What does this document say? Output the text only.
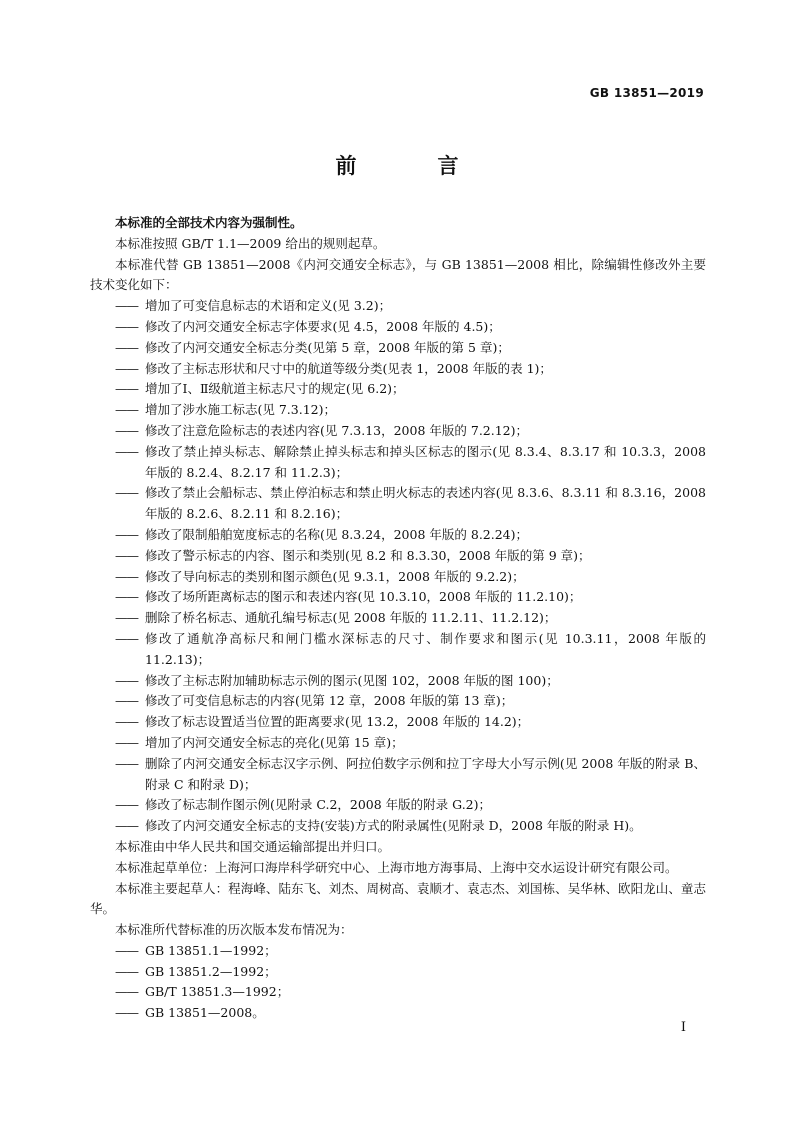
GB 13851—2019
前　言
本标准的全部技术内容为强制性。
本标准按照 GB/T 1.1—2009 给出的规则起草。
本标准代替 GB 13851—2008《内河交通安全标志》，与 GB 13851—2008 相比，除编辑性修改外主要技术变化如下：
—— 增加了可变信息标志的术语和定义(见 3.2)；
—— 修改了内河交通安全标志字体要求(见 4.5，2008 年版的 4.5)；
—— 修改了内河交通安全标志分类(见第 5 章，2008 年版的第 5 章)；
—— 修改了主标志形状和尺寸中的航道等级分类(见表 1，2008 年版的表 1)；
—— 增加了Ⅰ、Ⅱ级航道主标志尺寸的规定(见 6.2)；
—— 增加了涉水施工标志(见 7.3.12)；
—— 修改了注意危险标志的表述内容(见 7.3.13，2008 年版的 7.2.12)；
—— 修改了禁止掉头标志、解除禁止掉头标志和掉头区标志的图示(见 8.3.4、8.3.17 和 10.3.3，2008 年版的 8.2.4、8.2.17 和 11.2.3)；
—— 修改了禁止会船标志、禁止停泊标志和禁止明火标志的表述内容(见 8.3.6、8.3.11 和 8.3.16，2008 年版的 8.2.6、8.2.11 和 8.2.16)；
—— 修改了限制船舶宽度标志的名称(见 8.3.24，2008 年版的 8.2.24)；
—— 修改了警示标志的内容、图示和类别(见 8.2 和 8.3.30，2008 年版的第 9 章)；
—— 修改了导向标志的类别和图示颜色(见 9.3.1，2008 年版的 9.2.2)；
—— 修改了场所距离标志的图示和表述内容(见 10.3.10，2008 年版的 11.2.10)；
—— 删除了桥名标志、通航孔编号标志(见 2008 年版的 11.2.11、11.2.12)；
—— 修改了通航净高标尺和闸门槛水深标志的尺寸、制作要求和图示(见 10.3.11，2008 年版的 11.2.13)；
—— 修改了主标志附加辅助标志示例的图示(见图 102，2008 年版的图 100)；
—— 修改了可变信息标志的内容(见第 12 章，2008 年版的第 13 章)；
—— 修改了标志设置适当位置的距离要求(见 13.2，2008 年版的 14.2)；
—— 增加了内河交通安全标志的亮化(见第 15 章)；
—— 删除了内河交通安全标志汉字示例、阿拉伯数字示例和拉丁字母大小写示例(见 2008 年版的附录 B、附录 C 和附录 D)；
—— 修改了标志制作图示例(见附录 C.2，2008 年版的附录 G.2)；
—— 修改了内河交通安全标志的支持(安装)方式的附录属性(见附录 D，2008 年版的附录 H)。
本标准由中华人民共和国交通运输部提出并归口。
本标准起草单位：上海河口海岸科学研究中心、上海市地方海事局、上海中交水运设计研究有限公司。
本标准主要起草人：程海峰、陆东飞、刘杰、周树高、袁顺才、袁志杰、刘国栋、吴华林、欧阳龙山、童志华。
本标准所代替标准的历次版本发布情况为：
—— GB 13851.1—1992；
—— GB 13851.2—1992；
—— GB/T 13851.3—1992；
—— GB 13851—2008。
Ⅰ
